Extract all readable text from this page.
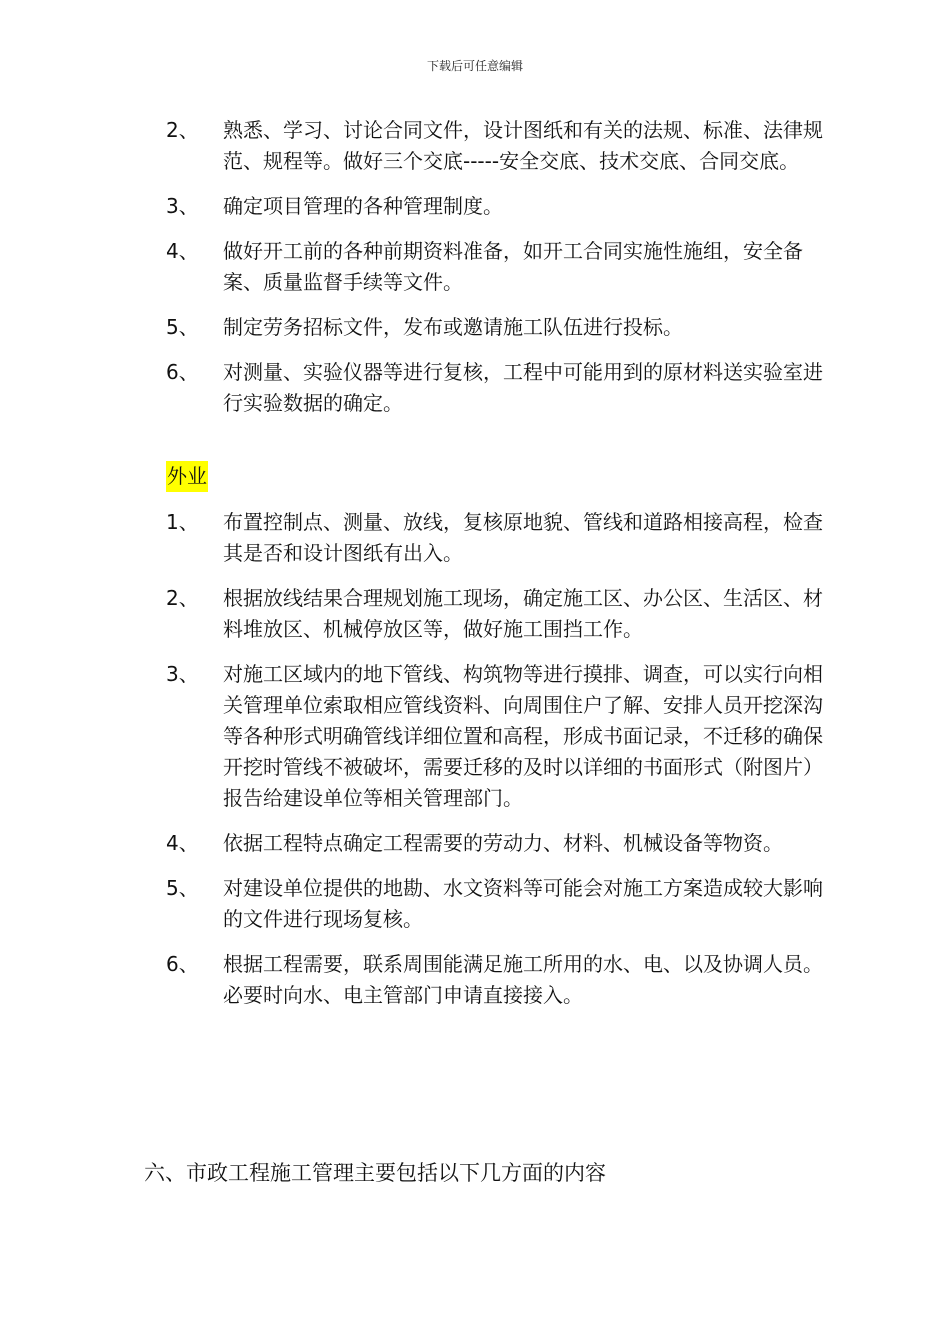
下载后可任意编辑
2、	熟悉、学习、讨论合同文件，设计图纸和有关的法规、标准、法律规范、规程等。做好三个交底-----安全交底、技术交底、合同交底。
3、	确定项目管理的各种管理制度。
4、	做好开工前的各种前期资料准备，如开工合同实施性施组，安全备案、质量监督手续等文件。
5、	制定劳务招标文件，发布或邀请施工队伍进行投标。
6、	对测量、实验仪器等进行复核，工程中可能用到的原材料送实验室进行实验数据的确定。
外业
1、	布置控制点、测量、放线，复核原地貌、管线和道路相接高程，检查其是否和设计图纸有出入。
2、	根据放线结果合理规划施工现场，确定施工区、办公区、生活区、材料堆放区、机械停放区等，做好施工围挡工作。
3、	对施工区域内的地下管线、构筑物等进行摸排、调查，可以实行向相关管理单位索取相应管线资料、向周围住户了解、安排人员开挖深沟等各种形式明确管线详细位置和高程，形成书面记录，不迁移的确保开挖时管线不被破坏，需要迁移的及时以详细的书面形式（附图片）报告给建设单位等相关管理部门。
4、	依据工程特点确定工程需要的劳动力、材料、机械设备等物资。
5、	对建设单位提供的地勘、水文资料等可能会对施工方案造成较大影响的文件进行现场复核。
6、	根据工程需要，联系周围能满足施工所用的水、电、以及协调人员。必要时向水、电主管部门申请直接接入。
六、市政工程施工管理主要包括以下几方面的内容
